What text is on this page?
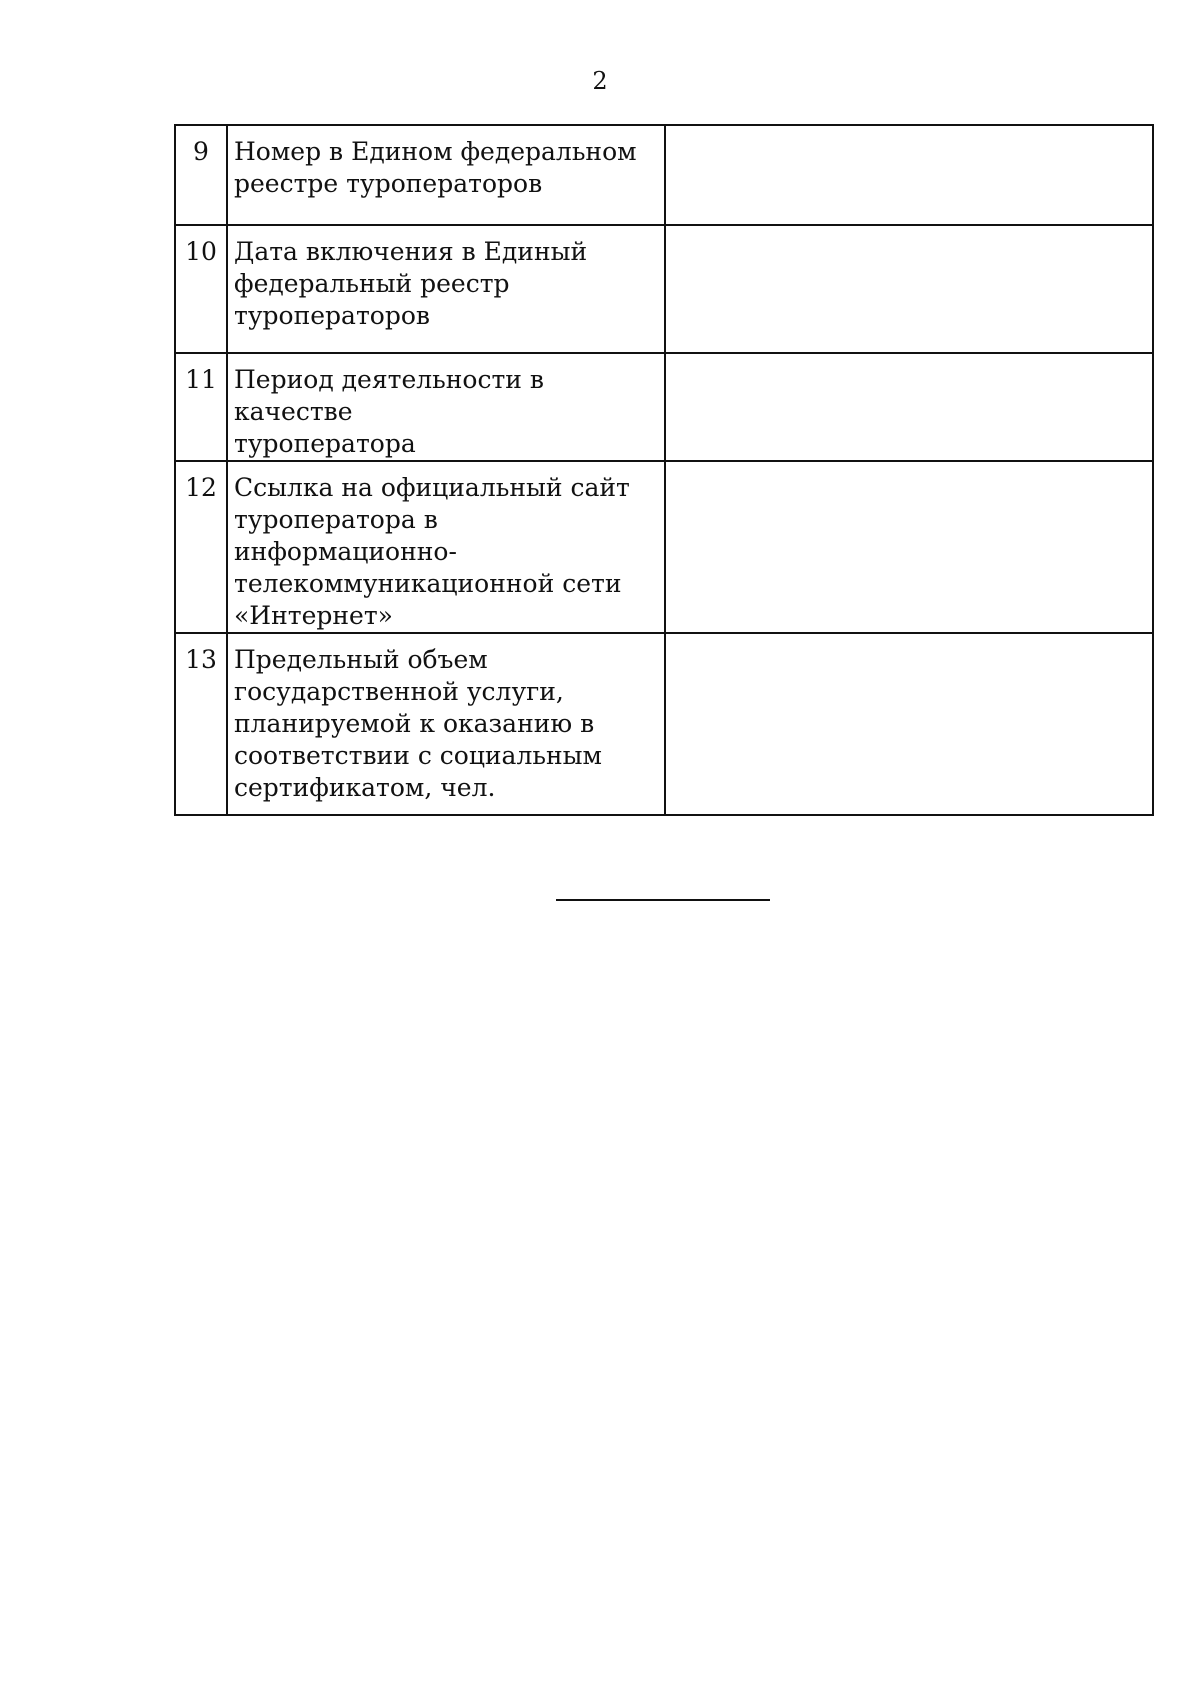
2
9	Номер в Едином федеральном
реестре туроператоров	
10	Дата включения в Единый
федеральный реестр
туроператоров	
11	Период деятельности в качестве
туроператора	
12	Ссылка на официальный сайт
туроператора в информационно-
телекоммуникационной сети
«Интернет»	
13	Предельный объем
государственной услуги,
планируемой к оказанию в
соответствии с социальным
сертификатом, чел.	
